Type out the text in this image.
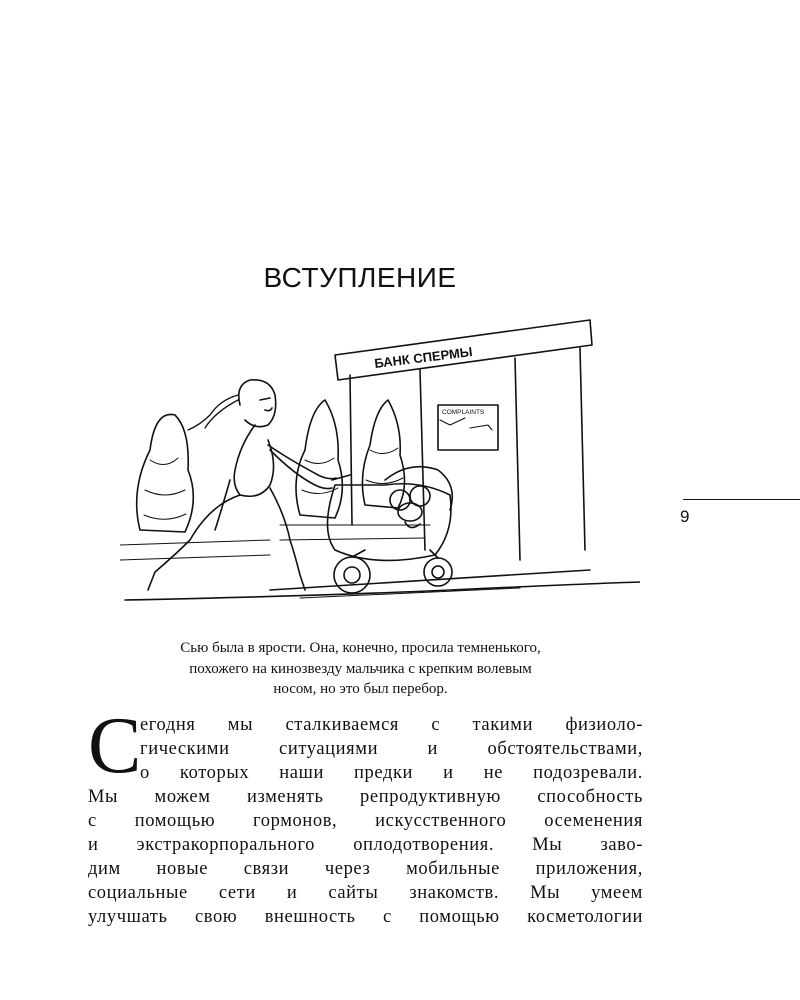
ВСТУПЛЕНИЕ
9
БАНК СПЕРМЫ
COMPLAINTS
Сью была в ярости. Она, конечно, просила темненького,
похожего на кинозвезду мальчика с крепким волевым
носом, но это был перебор.
С
егодня мы сталкиваемся с такими физиоло-
гическими ситуациями и обстоятельствами,
о которых наши предки и не подозревали.
Мы можем изменять репродуктивную способность
с помощью гормонов, искусственного осеменения
и экстракорпорального оплодотворения. Мы заво-
дим новые связи через мобильные приложения,
социальные сети и сайты знакомств. Мы умеем
улучшать свою внешность с помощью косметологии
